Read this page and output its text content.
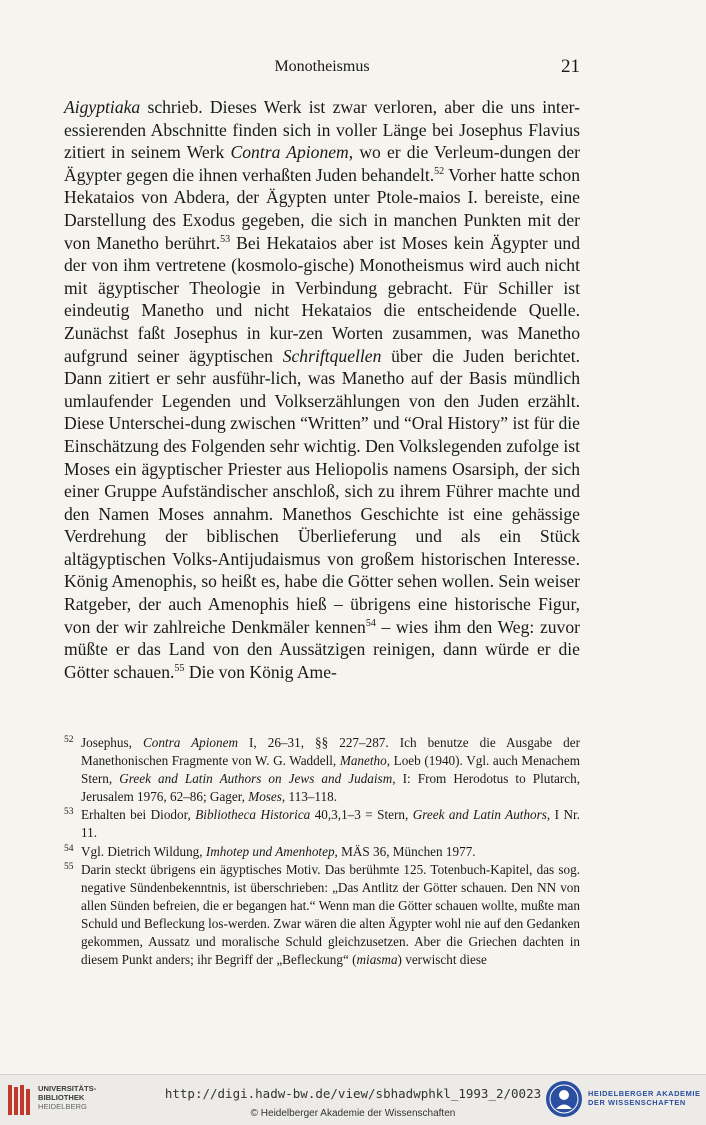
Monotheismus	21

Aigyptiaka schrieb. Dieses Werk ist zwar verloren, aber die uns inter-essierenden Abschnitte finden sich in voller Länge bei Josephus Flavius zitiert in seinem Werk Contra Apionem, wo er die Verleum-dungen der Ägypter gegen die ihnen verhaßten Juden behandelt.$^{52}$ Vorher hatte schon Hekataios von Abdera, der Ägypten unter Ptole-maios I. bereiste, eine Darstellung des Exodus gegeben, die sich in manchen Punkten mit der von Manetho berührt.$^{53}$ Bei Hekataios aber ist Moses kein Ägypter und der von ihm vertretene (kosmolo-gische) Monotheismus wird auch nicht mit ägyptischer Theologie in Verbindung gebracht. Für Schiller ist eindeutig Manetho und nicht Hekataios die entscheidende Quelle. Zunächst faßt Josephus in kur-zen Worten zusammen, was Manetho aufgrund seiner ägyptischen Schriftquellen über die Juden berichtet. Dann zitiert er sehr ausführ-lich, was Manetho auf der Basis mündlich umlaufender Legenden und Volkserzählungen von den Juden erzählt. Diese Unterschei-dung zwischen “Written” und “Oral History” ist für die Einschätzung des Folgenden sehr wichtig. Den Volkslegenden zufolge ist Moses ein ägyptischer Priester aus Heliopolis namens Osarsiph, der sich einer Gruppe Aufständischer anschloß, sich zu ihrem Führer machte und den Namen Moses annahm. Manethos Geschichte ist eine gehässige Verdrehung der biblischen Überlieferung und als ein Stück altägyptischen Volks-Antijudaismus von großem historischen Interesse. König Amenophis, so heißt es, habe die Götter sehen wollen. Sein weiser Ratgeber, der auch Amenophis hieß – übrigens eine historische Figur, von der wir zahlreiche Denkmäler kennen$^{54}$ – wies ihm den Weg: zuvor müßte er das Land von den Aussätzigen reinigen, dann würde er die Götter schauen.$^{55}$ Die von König Ame-

52 Josephus, Contra Apionem I, 26–31, §§ 227–287. Ich benutze die Ausgabe der Manethonischen Fragmente von W. G. Waddell, Manetho, Loeb (1940). Vgl. auch Menachem Stern, Greek and Latin Authors on Jews and Judaism, I: From Herodotus to Plutarch, Jerusalem 1976, 62–86; Gager, Moses, 113–118.

53 Erhalten bei Diodor, Bibliotheca Historica 40,3,1–3 = Stern, Greek and Latin Authors, I Nr. 11.

54 Vgl. Dietrich Wildung, Imhotep und Amenhotep, MÄS 36, München 1977.

55 Darin steckt übrigens ein ägyptisches Motiv. Das berühmte 125. Totenbuch-Kapitel, das sog. negative Sündenbekenntnis, ist überschrieben: „Das Antlitz der Götter schauen. Den NN von allen Sünden befreien, die er begangen hat.“ Wenn man die Götter schauen wollte, mußte man Schuld und Befleckung los-werden. Zwar wären die alten Ägypter wohl nie auf den Gedanken gekommen, Aussatz und moralische Schuld gleichzusetzen. Aber die Griechen dachten in diesem Punkt anders; ihr Begriff der „Befleckung“ (miasma) verwischt diese

UNIVERSITÄTS-
BIBLIOTHEK
HEIDELBERG
http://digi.hadw-bw.de/view/sbhadwphkl_1993_2/0023
© Heidelberger Akademie der Wissenschaften
HEIDELBERGER AKADEMIE
DER WISSENSCHAFTEN
